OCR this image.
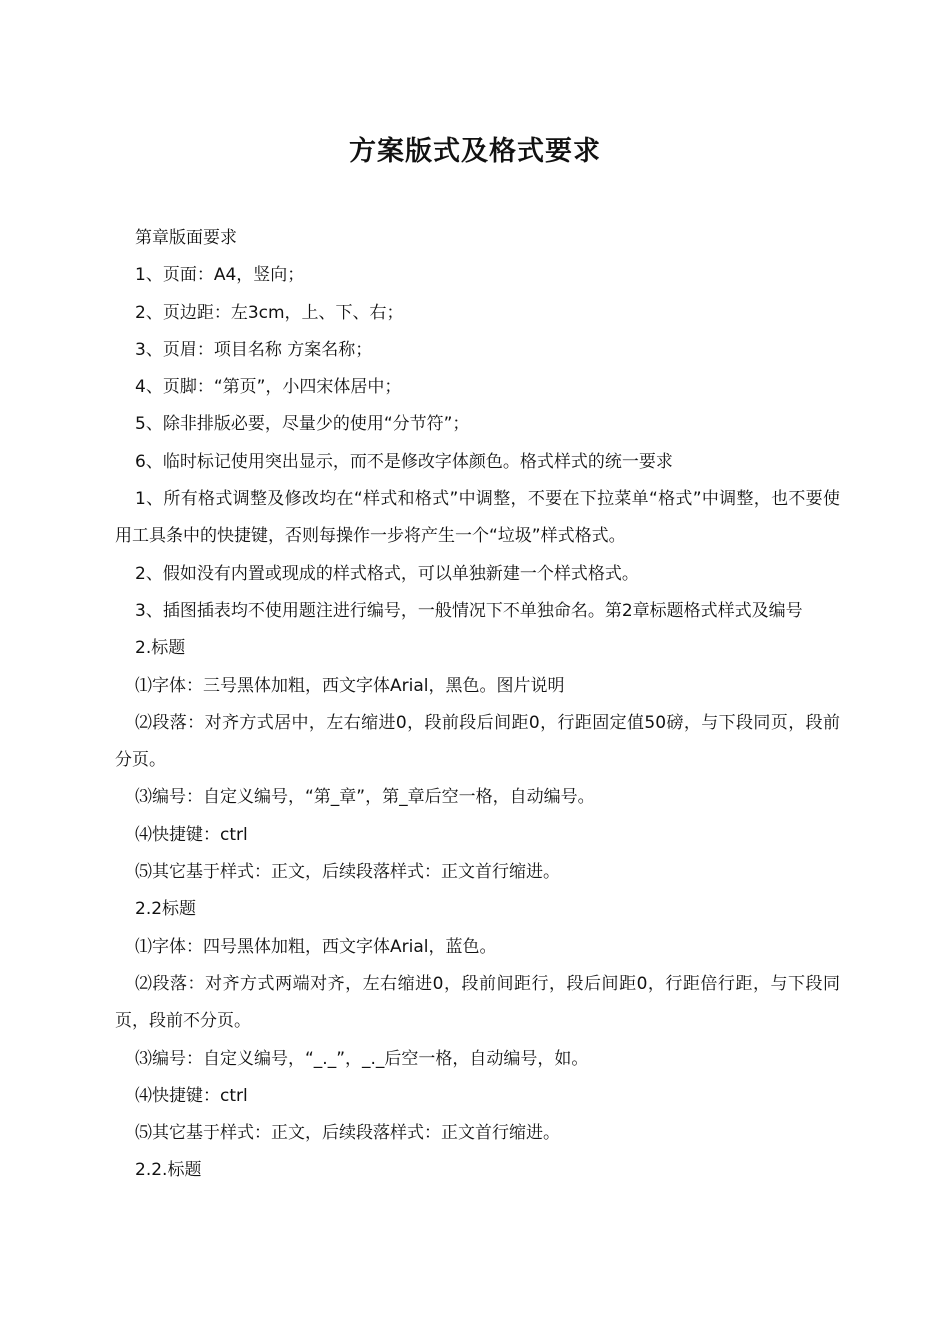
方案版式及格式要求

第章版面要求

1、页面：A4，竖向；

2、页边距：左3cm，上、下、右；

3、页眉：项目名称 方案名称；

4、页脚：“第页”，小四宋体居中；

5、除非排版必要，尽量少的使用“分节符”；

6、临时标记使用突出显示，而不是修改字体颜色。格式样式的统一要求

1、所有格式调整及修改均在“样式和格式”中调整，不要在下拉菜单“格式”中调整，也不要使用工具条中的快捷键，否则每操作一步将产生一个“垃圾”样式格式。

2、假如没有内置或现成的样式格式，可以单独新建一个样式格式。

3、插图插表均不使用题注进行编号，一般情况下不单独命名。第2章标题格式样式及编号

2.标题

⑴字体：三号黑体加粗，西文字体Arial，黑色。图片说明

⑵段落：对齐方式居中，左右缩进0，段前段后间距0，行距固定值50磅，与下段同页，段前分页。

⑶编号：自定义编号，“第_章”，第_章后空一格，自动编号。

⑷快捷键：ctrl

⑸其它基于样式：正文，后续段落样式：正文首行缩进。

2.2标题

⑴字体：四号黑体加粗，西文字体Arial，蓝色。

⑵段落：对齐方式两端对齐，左右缩进0，段前间距行，段后间距0，行距倍行距，与下段同页，段前不分页。

⑶编号：自定义编号，“_._”，_._后空一格，自动编号，如。

⑷快捷键：ctrl

⑸其它基于样式：正文，后续段落样式：正文首行缩进。

2.2.标题
